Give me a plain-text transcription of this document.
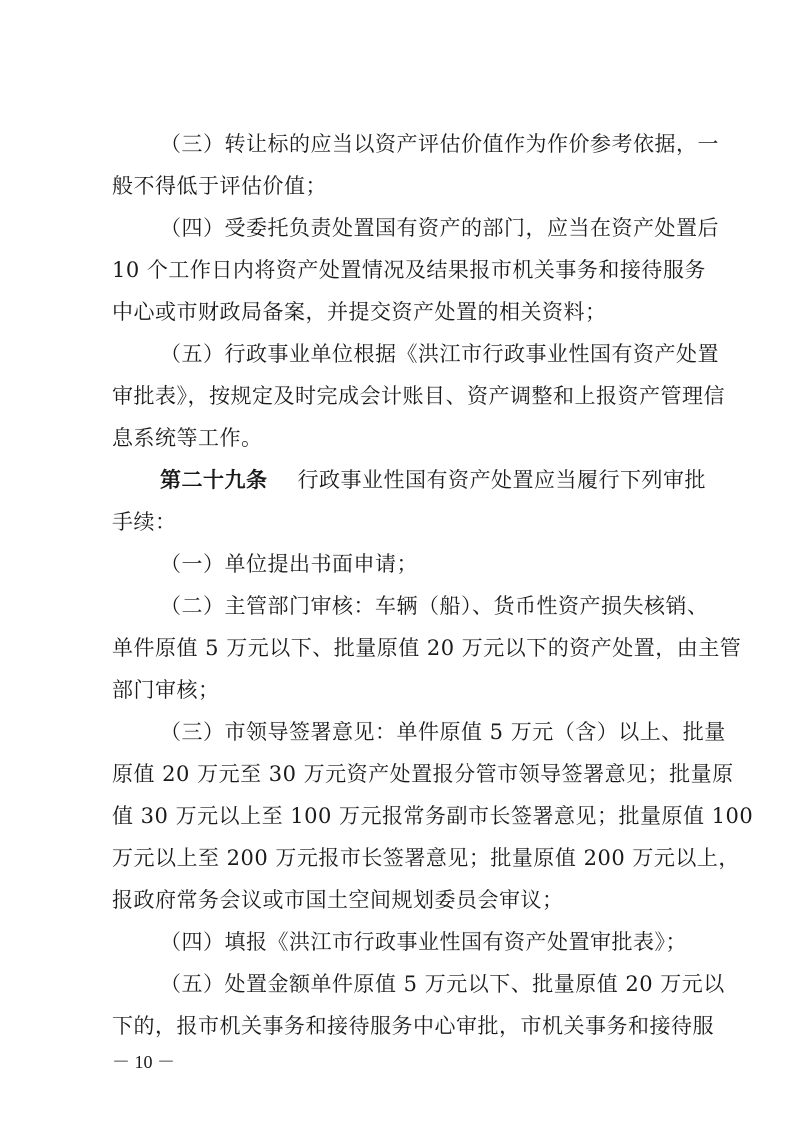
（三）转让标的应当以资产评估价值作为作价参考依据，一
般不得低于评估价值；
（四）受委托负责处置国有资产的部门，应当在资产处置后
10 个工作日内将资产处置情况及结果报市机关事务和接待服务
中心或市财政局备案，并提交资产处置的相关资料；
（五）行政事业单位根据《洪江市行政事业性国有资产处置
审批表》，按规定及时完成会计账目、资产调整和上报资产管理信
息系统等工作。
第二十九条 行政事业性国有资产处置应当履行下列审批
手续：
（一）单位提出书面申请；
（二）主管部门审核：车辆（船）、货币性资产损失核销、
单件原值 5 万元以下、批量原值 20 万元以下的资产处置，由主管
部门审核；
（三）市领导签署意见：单件原值 5 万元（含）以上、批量
原值 20 万元至 30 万元资产处置报分管市领导签署意见；批量原
值 30 万元以上至 100 万元报常务副市长签署意见；批量原值 100
万元以上至 200 万元报市长签署意见；批量原值 200 万元以上，
报政府常务会议或市国土空间规划委员会审议；
（四）填报《洪江市行政事业性国有资产处置审批表》；
（五）处置金额单件原值 5 万元以下、批量原值 20 万元以
下的，报市机关事务和接待服务中心审批，市机关事务和接待服
－ 10 －
